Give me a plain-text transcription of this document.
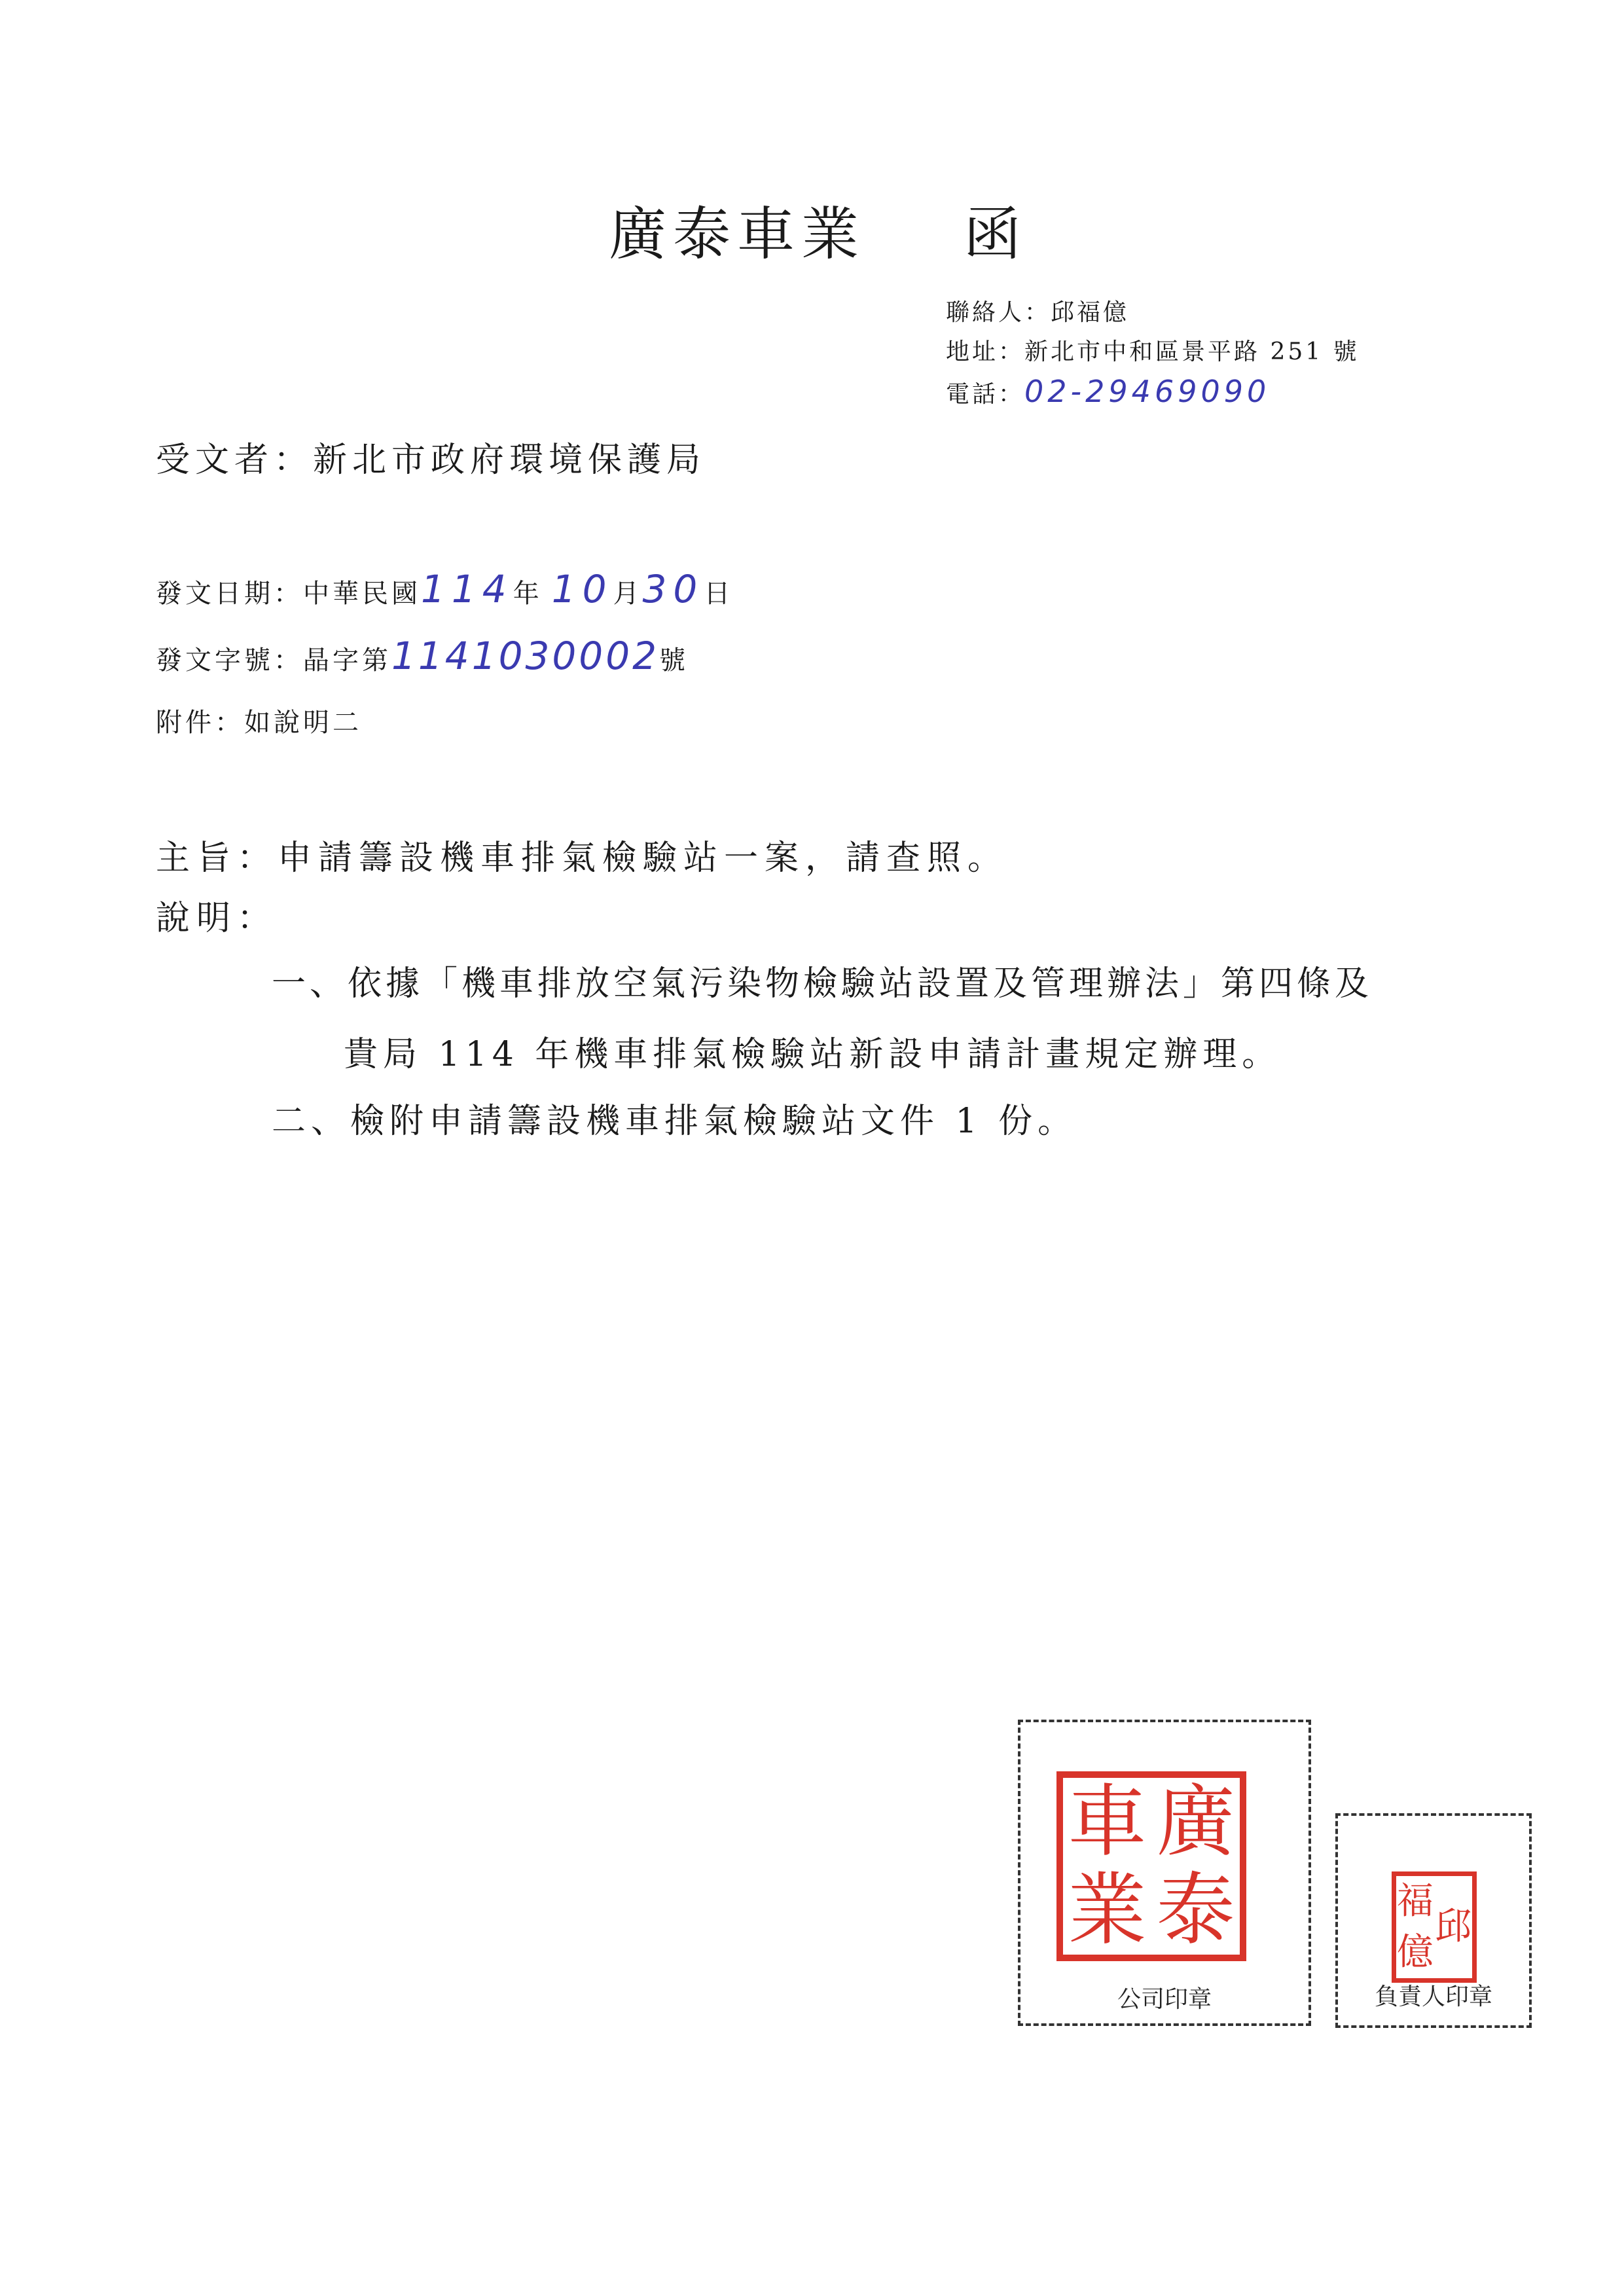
廣泰車業 函
聯絡人：邱福億
地址：新北市中和區景平路 251 號
電話：02-29469090
受文者：新北市政府環境保護局
發文日期：中華民國114年 10月30日
發文字號：晶字第1141030002號
附件：如說明二
主旨：申請籌設機車排氣檢驗站一案，請查照。
說明：
一、依據「機車排放空氣污染物檢驗站設置及管理辦法」第四條及
貴局 114 年機車排氣檢驗站新設申請計畫規定辦理。
二、檢附申請籌設機車排氣檢驗站文件 1 份。
車 廣
業 泰
公司印章
福
邱
億
負責人印章
